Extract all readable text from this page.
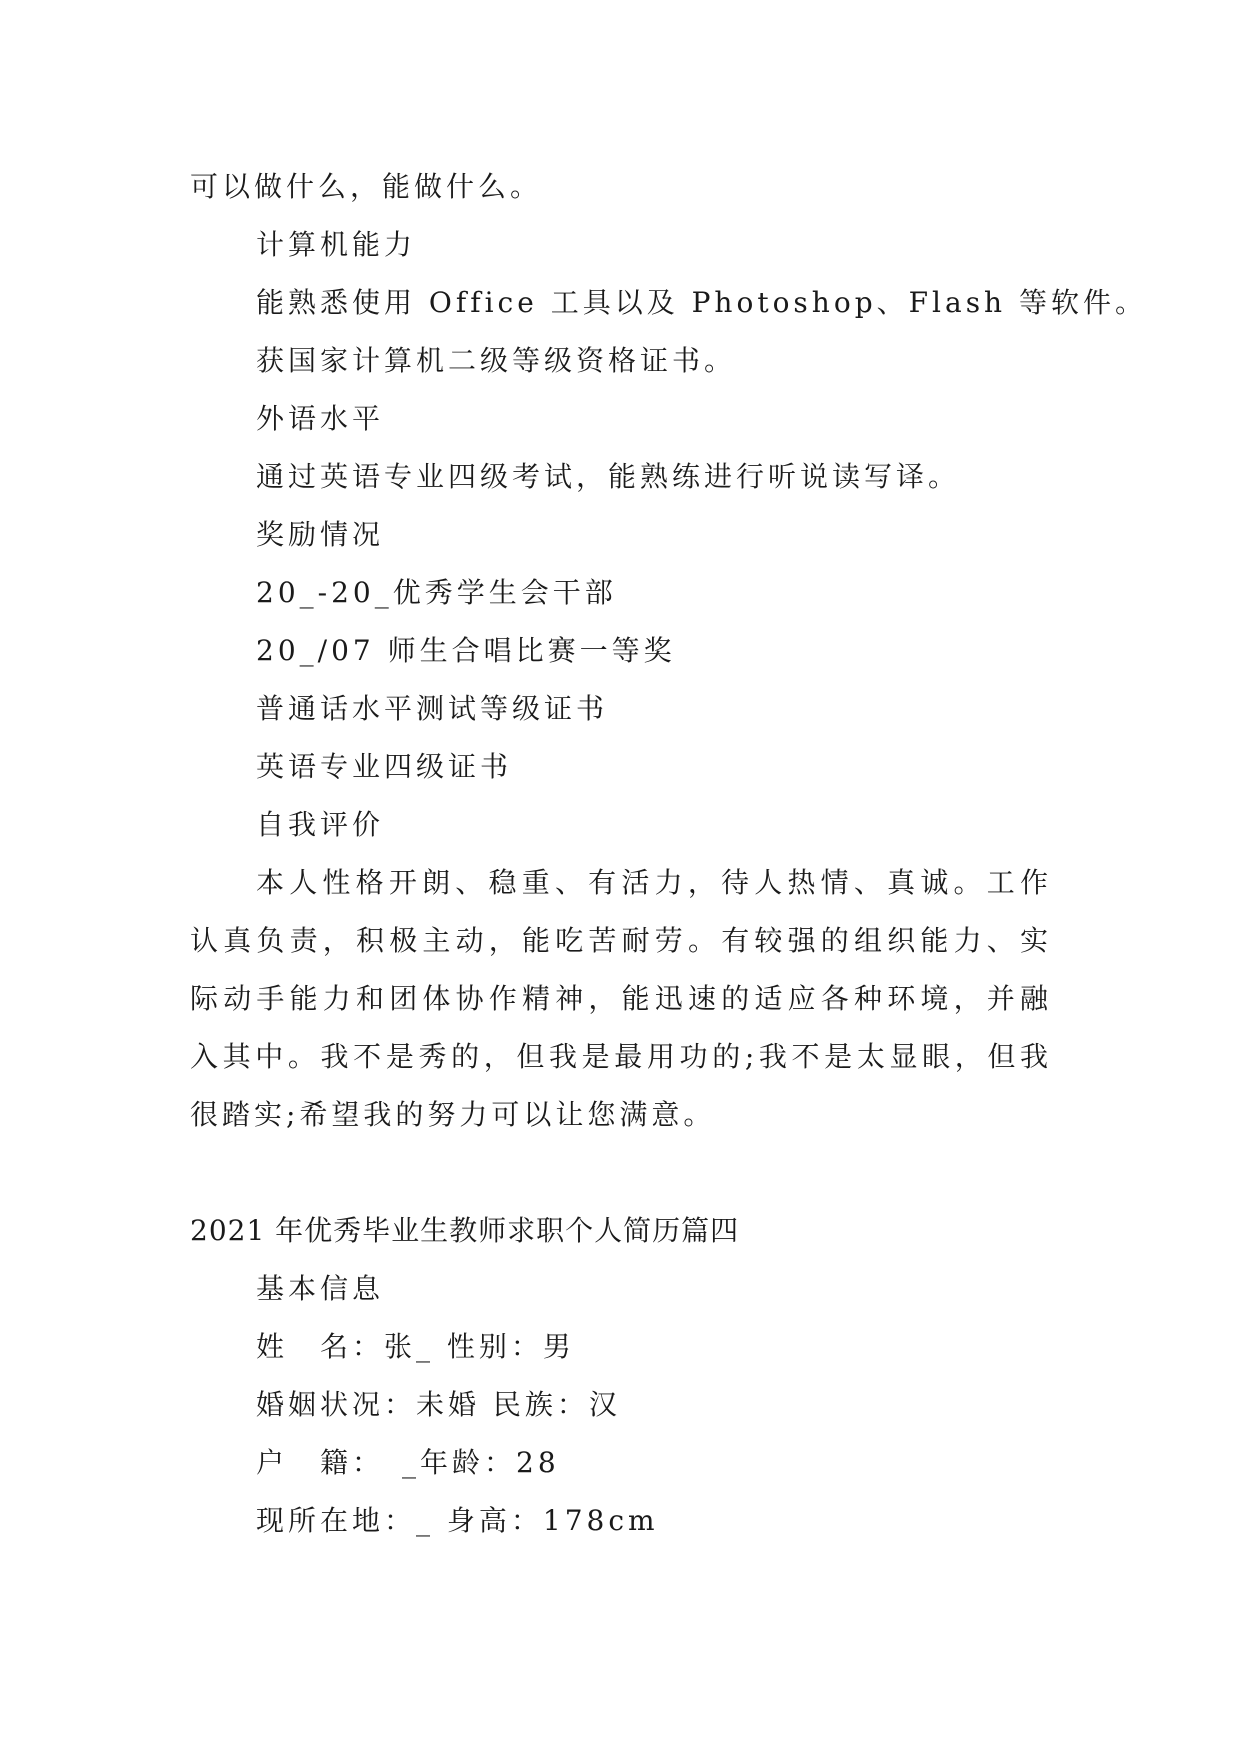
可以做什么，能做什么。
计算机能力
能熟悉使用 Office 工具以及 Photoshop、Flash 等软件。
获国家计算机二级等级资格证书。
外语水平
通过英语专业四级考试，能熟练进行听说读写译。
奖励情况
20_-20_优秀学生会干部
20_/07 师生合唱比赛一等奖
普通话水平测试等级证书
英语专业四级证书
自我评价

本人性格开朗、稳重、有活力，待人热情、真诚。工作认真负责，积极主动，能吃苦耐劳。有较强的组织能力、实际动手能力和团体协作精神，能迅速的适应各种环境，并融入其中。我不是秀的，但我是最用功的;我不是太显眼，但我很踏实;希望我的努力可以让您满意。

2021 年优秀毕业生教师求职个人简历篇四
基本信息
姓　名：张_ 性别：男
婚姻状况：未婚 民族：汉
户　籍：　_年龄：28
现所在地：_ 身高：178cm
